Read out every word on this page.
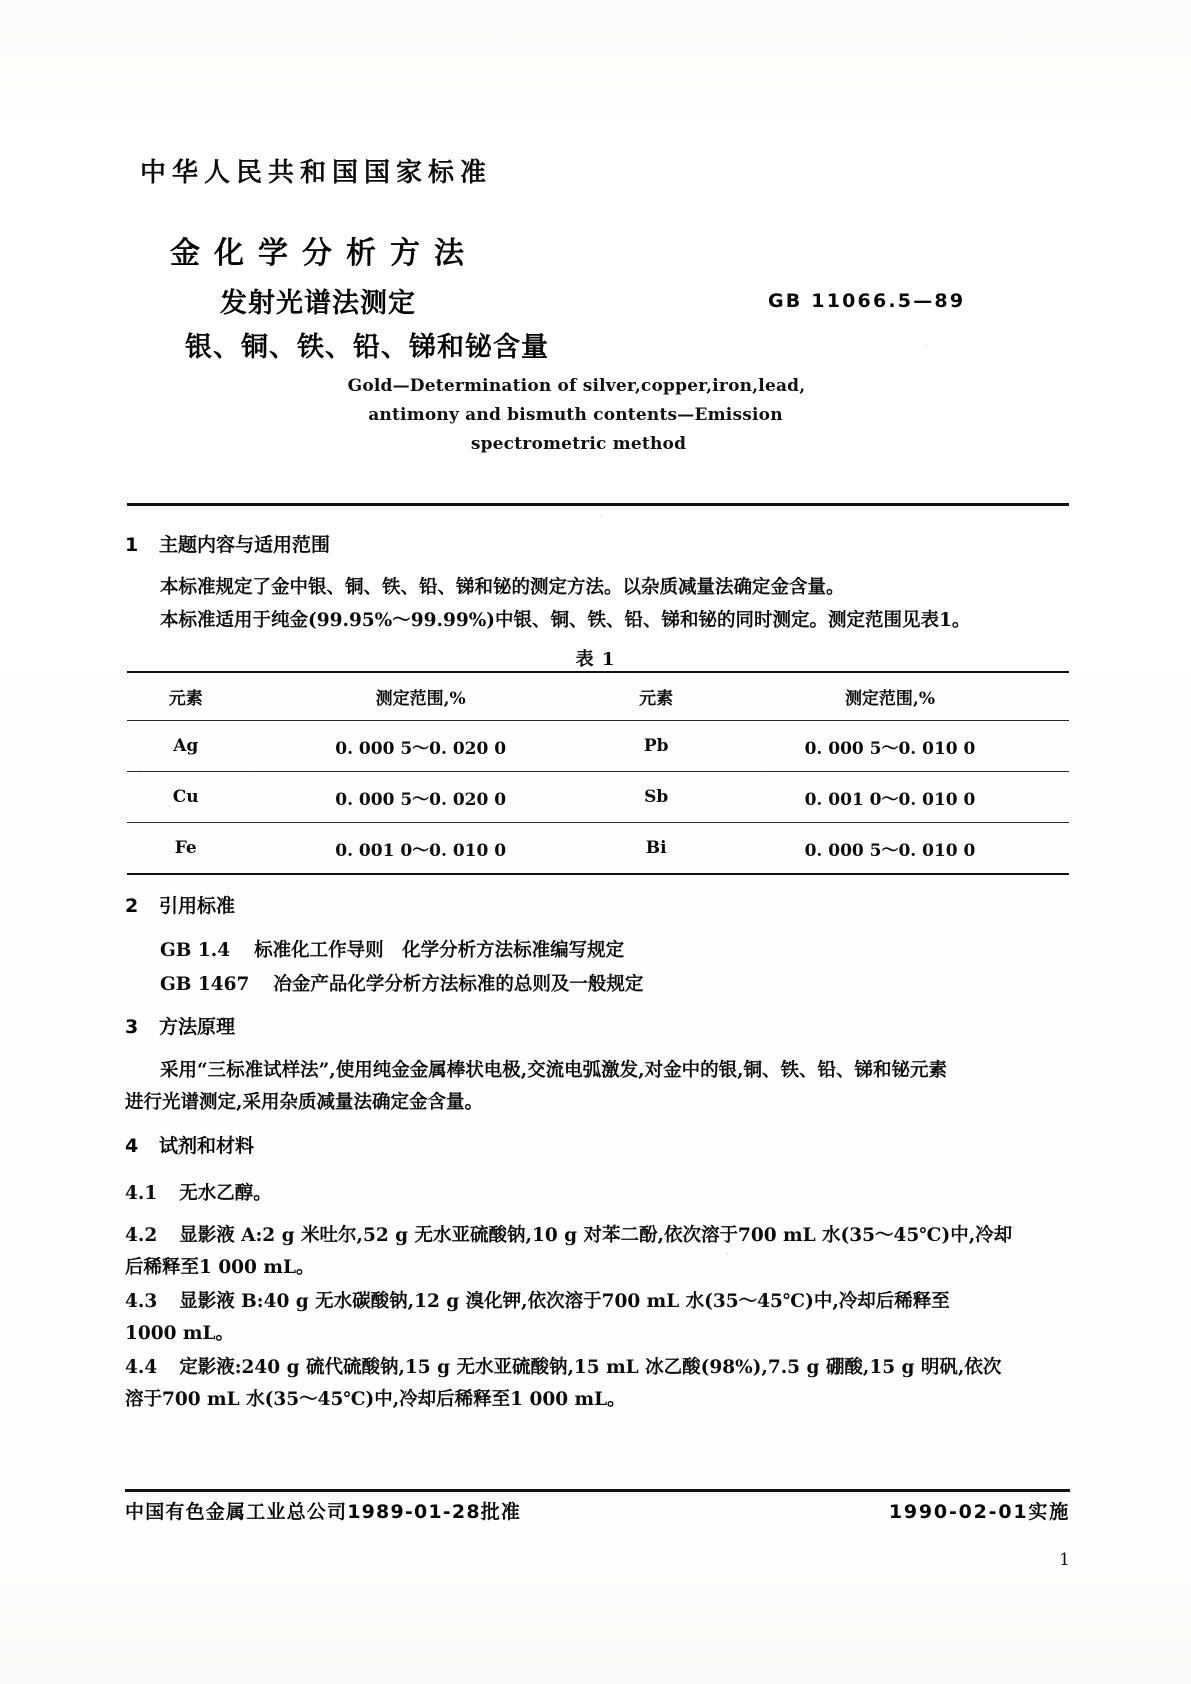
中华人民共和国国家标准
金化学分析方法
发射光谱法测定
银、铜、铁、铅、锑和铋含量
GB 11066.5—89
Gold—Determination of silver,copper,iron,lead,
antimony and bismuth contents—Emission
spectrometric method
1 主题内容与适用范围
本标准规定了金中银、铜、铁、铅、锑和铋的测定方法。以杂质减量法确定金含量。
本标准适用于纯金(99.95%～99.99%)中银、铜、铁、铅、锑和铋的同时测定。测定范围见表1。
表 1
元素	测定范围,%		元素	测定范围,%
Ag	0. 000 5～0. 020 0		Pb	0. 000 5～0. 010 0
Cu	0. 000 5～0. 020 0		Sb	0. 001 0～0. 010 0
Fe	0. 001 0～0. 010 0		Bi	0. 000 5～0. 010 0
2 引用标准
GB 1.4 标准化工作导则　化学分析方法标准编写规定
GB 1467 冶金产品化学分析方法标准的总则及一般规定
3 方法原理
采用“三标准试样法”,使用纯金金属棒状电极,交流电弧激发,对金中的银,铜、铁、铅、锑和铋元素
进行光谱测定,采用杂质减量法确定金含量。
4 试剂和材料
4.1 无水乙醇。
4.2 显影液 A:2 g 米吐尔,52 g 无水亚硫酸钠,10 g 对苯二酚,依次溶于700 mL 水(35～45℃)中,冷却
后稀释至1 000 mL。
4.3 显影液 B:40 g 无水碳酸钠,12 g 溴化钾,依次溶于700 mL 水(35～45℃)中,冷却后稀释至
1000 mL。
4.4 定影液:240 g 硫代硫酸钠,15 g 无水亚硫酸钠,15 mL 冰乙酸(98%),7.5 g 硼酸,15 g 明矾,依次
溶于700 mL 水(35～45℃)中,冷却后稀释至1 000 mL。
中国有色金属工业总公司1989-01-28批准	1990-02-01实施
1
